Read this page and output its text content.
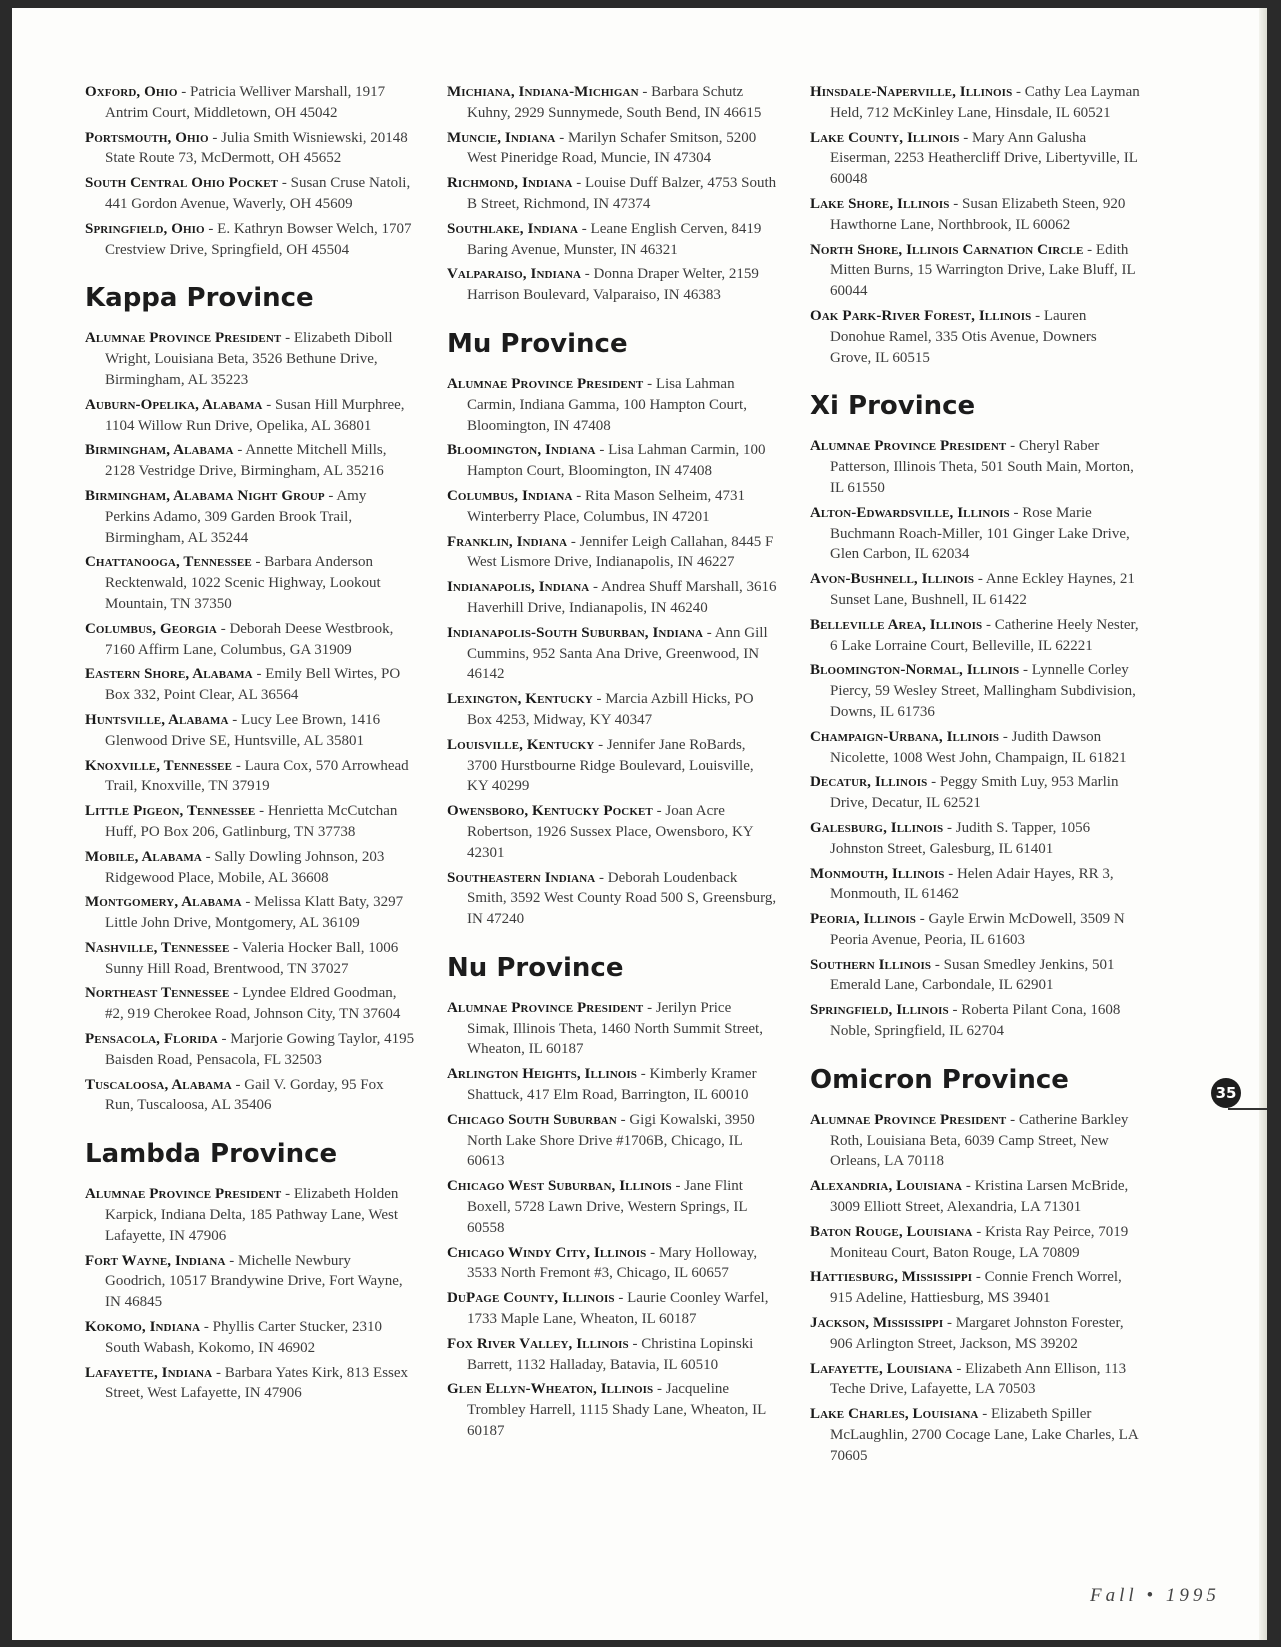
Oxford, Ohio - Patricia Welliver Marshall, 1917 Antrim Court, Middletown, OH 45042
Portsmouth, Ohio - Julia Smith Wisniewski, 20148 State Route 73, McDermott, OH 45652
South Central Ohio Pocket - Susan Cruse Natoli, 441 Gordon Avenue, Waverly, OH 45609
Springfield, Ohio - E. Kathryn Bowser Welch, 1707 Crestview Drive, Springfield, OH 45504
Kappa Province
Alumnae Province President - Elizabeth Diboll Wright, Louisiana Beta, 3526 Bethune Drive, Birmingham, AL 35223
Auburn-Opelika, Alabama - Susan Hill Murphree, 1104 Willow Run Drive, Opelika, AL 36801
Birmingham, Alabama - Annette Mitchell Mills, 2128 Vestridge Drive, Birmingham, AL 35216
Birmingham, Alabama Night Group - Amy Perkins Adamo, 309 Garden Brook Trail, Birmingham, AL 35244
Chattanooga, Tennessee - Barbara Anderson Recktenwald, 1022 Scenic Highway, Lookout Mountain, TN 37350
Columbus, Georgia - Deborah Deese Westbrook, 7160 Affirm Lane, Columbus, GA 31909
Eastern Shore, Alabama - Emily Bell Wirtes, PO Box 332, Point Clear, AL 36564
Huntsville, Alabama - Lucy Lee Brown, 1416 Glenwood Drive SE, Huntsville, AL 35801
Knoxville, Tennessee - Laura Cox, 570 Arrowhead Trail, Knoxville, TN 37919
Little Pigeon, Tennessee - Henrietta McCutchan Huff, PO Box 206, Gatlinburg, TN 37738
Mobile, Alabama - Sally Dowling Johnson, 203 Ridgewood Place, Mobile, AL 36608
Montgomery, Alabama - Melissa Klatt Baty, 3297 Little John Drive, Montgomery, AL 36109
Nashville, Tennessee - Valeria Hocker Ball, 1006 Sunny Hill Road, Brentwood, TN 37027
Northeast Tennessee - Lyndee Eldred Goodman, #2, 919 Cherokee Road, Johnson City, TN 37604
Pensacola, Florida - Marjorie Gowing Taylor, 4195 Baisden Road, Pensacola, FL 32503
Tuscaloosa, Alabama - Gail V. Gorday, 95 Fox Run, Tuscaloosa, AL 35406
Lambda Province
Alumnae Province President - Elizabeth Holden Karpick, Indiana Delta, 185 Pathway Lane, West Lafayette, IN 47906
Fort Wayne, Indiana - Michelle Newbury Goodrich, 10517 Brandywine Drive, Fort Wayne, IN 46845
Kokomo, Indiana - Phyllis Carter Stucker, 2310 South Wabash, Kokomo, IN 46902
Lafayette, Indiana - Barbara Yates Kirk, 813 Essex Street, West Lafayette, IN 47906
Michiana, Indiana-Michigan - Barbara Schutz Kuhny, 2929 Sunnymede, South Bend, IN 46615
Muncie, Indiana - Marilyn Schafer Smitson, 5200 West Pineridge Road, Muncie, IN 47304
Richmond, Indiana - Louise Duff Balzer, 4753 South B Street, Richmond, IN 47374
Southlake, Indiana - Leane English Cerven, 8419 Baring Avenue, Munster, IN 46321
Valparaiso, Indiana - Donna Draper Welter, 2159 Harrison Boulevard, Valparaiso, IN 46383
Mu Province
Alumnae Province President - Lisa Lahman Carmin, Indiana Gamma, 100 Hampton Court, Bloomington, IN 47408
Bloomington, Indiana - Lisa Lahman Carmin, 100 Hampton Court, Bloomington, IN 47408
Columbus, Indiana - Rita Mason Selheim, 4731 Winterberry Place, Columbus, IN 47201
Franklin, Indiana - Jennifer Leigh Callahan, 8445 F West Lismore Drive, Indianapolis, IN 46227
Indianapolis, Indiana - Andrea Shuff Marshall, 3616 Haverhill Drive, Indianapolis, IN 46240
Indianapolis-South Suburban, Indiana - Ann Gill Cummins, 952 Santa Ana Drive, Greenwood, IN 46142
Lexington, Kentucky - Marcia Azbill Hicks, PO Box 4253, Midway, KY 40347
Louisville, Kentucky - Jennifer Jane RoBards, 3700 Hurstbourne Ridge Boulevard, Louisville, KY 40299
Owensboro, Kentucky Pocket - Joan Acre Robertson, 1926 Sussex Place, Owensboro, KY 42301
Southeastern Indiana - Deborah Loudenback Smith, 3592 West County Road 500 S, Greensburg, IN 47240
Nu Province
Alumnae Province President - Jerilyn Price Simak, Illinois Theta, 1460 North Summit Street, Wheaton, IL 60187
Arlington Heights, Illinois - Kimberly Kramer Shattuck, 417 Elm Road, Barrington, IL 60010
Chicago South Suburban - Gigi Kowalski, 3950 North Lake Shore Drive #1706B, Chicago, IL 60613
Chicago West Suburban, Illinois - Jane Flint Boxell, 5728 Lawn Drive, Western Springs, IL 60558
Chicago Windy City, Illinois - Mary Holloway, 3533 North Fremont #3, Chicago, IL 60657
DuPage County, Illinois - Laurie Coonley Warfel, 1733 Maple Lane, Wheaton, IL 60187
Fox River Valley, Illinois - Christina Lopinski Barrett, 1132 Halladay, Batavia, IL 60510
Glen Ellyn-Wheaton, Illinois - Jacqueline Trombley Harrell, 1115 Shady Lane, Wheaton, IL 60187
Hinsdale-Naperville, Illinois - Cathy Lea Layman Held, 712 McKinley Lane, Hinsdale, IL 60521
Lake County, Illinois - Mary Ann Galusha Eiserman, 2253 Heathercliff Drive, Libertyville, IL 60048
Lake Shore, Illinois - Susan Elizabeth Steen, 920 Hawthorne Lane, Northbrook, IL 60062
North Shore, Illinois Carnation Circle - Edith Mitten Burns, 15 Warrington Drive, Lake Bluff, IL 60044
Oak Park-River Forest, Illinois - Lauren Donohue Ramel, 335 Otis Avenue, Downers Grove, IL 60515
Xi Province
Alumnae Province President - Cheryl Raber Patterson, Illinois Theta, 501 South Main, Morton, IL 61550
Alton-Edwardsville, Illinois - Rose Marie Buchmann Roach-Miller, 101 Ginger Lake Drive, Glen Carbon, IL 62034
Avon-Bushnell, Illinois - Anne Eckley Haynes, 21 Sunset Lane, Bushnell, IL 61422
Belleville Area, Illinois - Catherine Heely Nester, 6 Lake Lorraine Court, Belleville, IL 62221
Bloomington-Normal, Illinois - Lynnelle Corley Piercy, 59 Wesley Street, Mallingham Subdivision, Downs, IL 61736
Champaign-Urbana, Illinois - Judith Dawson Nicolette, 1008 West John, Champaign, IL 61821
Decatur, Illinois - Peggy Smith Luy, 953 Marlin Drive, Decatur, IL 62521
Galesburg, Illinois - Judith S. Tapper, 1056 Johnston Street, Galesburg, IL 61401
Monmouth, Illinois - Helen Adair Hayes, RR 3, Monmouth, IL 61462
Peoria, Illinois - Gayle Erwin McDowell, 3509 N Peoria Avenue, Peoria, IL 61603
Southern Illinois - Susan Smedley Jenkins, 501 Emerald Lane, Carbondale, IL 62901
Springfield, Illinois - Roberta Pilant Cona, 1608 Noble, Springfield, IL 62704
Omicron Province
Alumnae Province President - Catherine Barkley Roth, Louisiana Beta, 6039 Camp Street, New Orleans, LA 70118
Alexandria, Louisiana - Kristina Larsen McBride, 3009 Elliott Street, Alexandria, LA 71301
Baton Rouge, Louisiana - Krista Ray Peirce, 7019 Moniteau Court, Baton Rouge, LA 70809
Hattiesburg, Mississippi - Connie French Worrel, 915 Adeline, Hattiesburg, MS 39401
Jackson, Mississippi - Margaret Johnston Forester, 906 Arlington Street, Jackson, MS 39202
Lafayette, Louisiana - Elizabeth Ann Ellison, 113 Teche Drive, Lafayette, LA 70503
Lake Charles, Louisiana - Elizabeth Spiller McLaughlin, 2700 Cocage Lane, Lake Charles, LA 70605
35
Fall • 1995
